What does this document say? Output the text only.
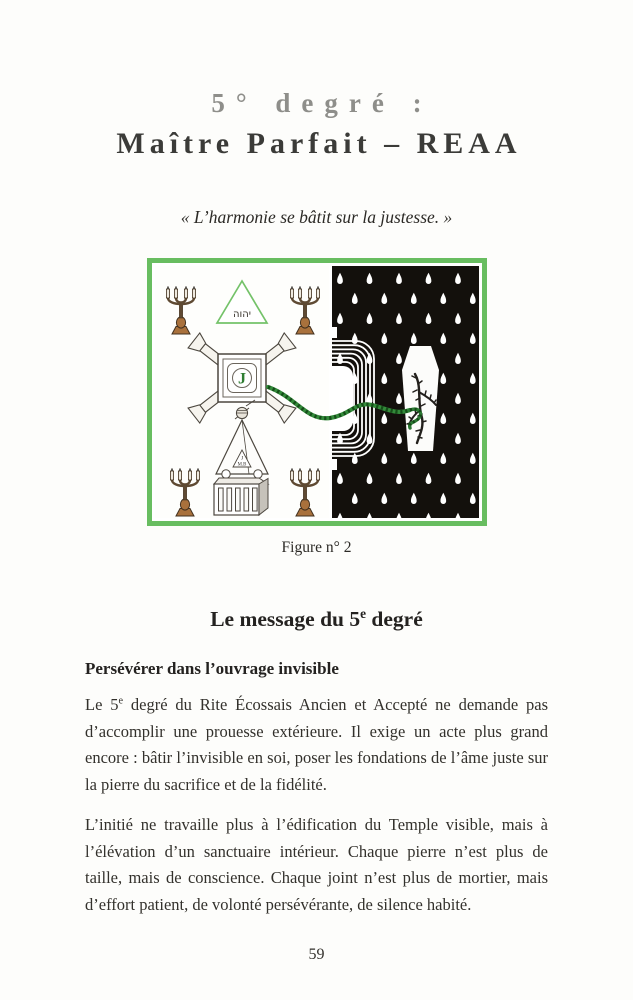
5° degré :
Maître Parfait – REAA
« L’harmonie se bâtit sur la justesse. »
יהוה
J
J
M.B
Figure n° 2
Le message du 5e degré
Persévérer dans l’ouvrage invisible

Le 5e degré du Rite Écossais Ancien et Accepté ne demande pas d’accomplir une prouesse extérieure. Il exige un acte plus grand encore : bâtir l’invisible en soi, poser les fondations de l’âme juste sur la pierre du sacrifice et de la fidélité.

L’initié ne travaille plus à l’édification du Temple visible, mais à l’élévation d’un sanctuaire intérieur. Chaque pierre n’est plus de taille, mais de conscience. Chaque joint n’est plus de mortier, mais d’effort patient, de volonté persévérante, de silence habité.

59
